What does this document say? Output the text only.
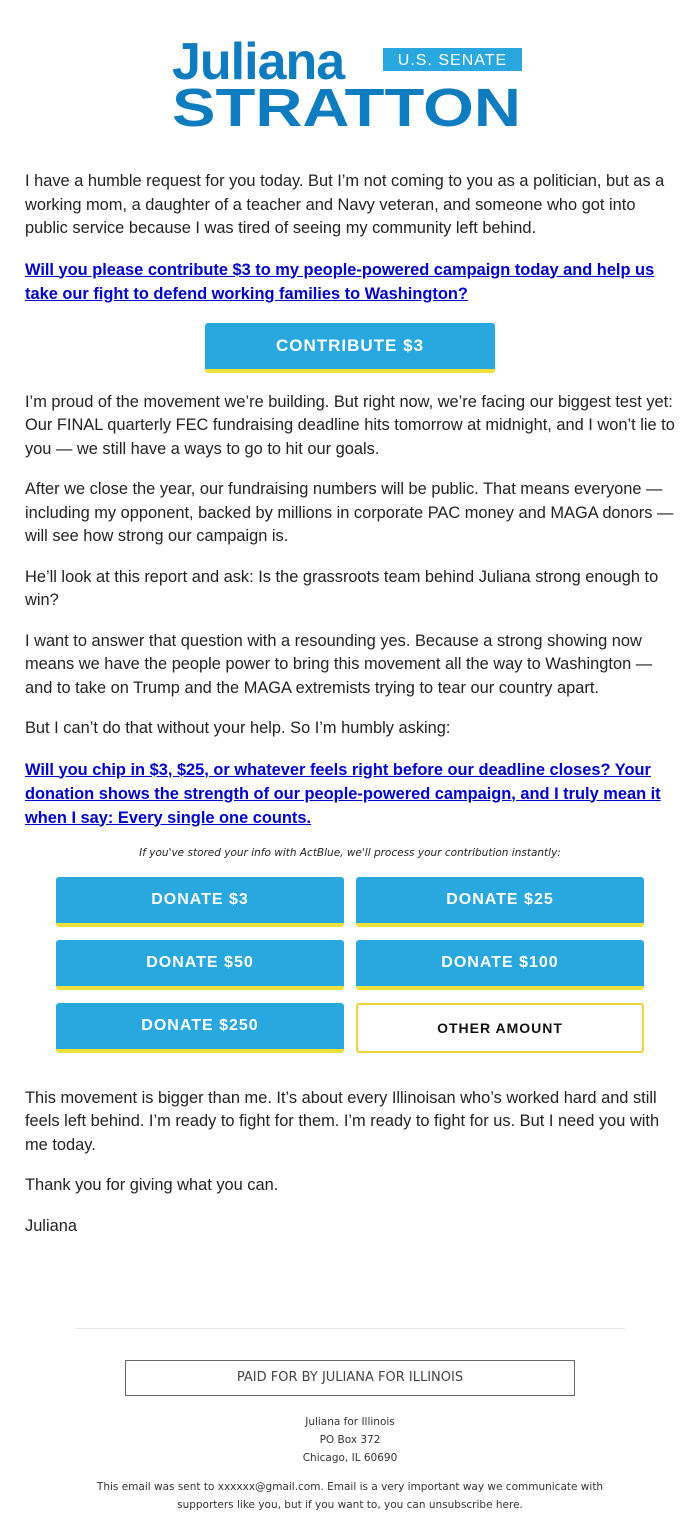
Juliana	U.S. SENATE
STRATTON

I have a humble request for you today. But I’m not coming to you as a politician, but as a working mom, a daughter of a teacher and Navy veteran, and someone who got into public service because I was tired of seeing my community left behind.

Will you please contribute $3 to my people-powered campaign today and help us take our fight to defend working families to Washington?

CONTRIBUTE $3

I’m proud of the movement we’re building. But right now, we’re facing our biggest test yet: Our FINAL quarterly FEC fundraising deadline hits tomorrow at midnight, and I won’t lie to you — we still have a ways to go to hit our goals.

After we close the year, our fundraising numbers will be public. That means everyone — including my opponent, backed by millions in corporate PAC money and MAGA donors — will see how strong our campaign is.

He’ll look at this report and ask: Is the grassroots team behind Juliana strong enough to win?

I want to answer that question with a resounding yes. Because a strong showing now means we have the people power to bring this movement all the way to Washington — and to take on Trump and the MAGA extremists trying to tear our country apart.

But I can’t do that without your help. So I’m humbly asking:

Will you chip in $3, $25, or whatever feels right before our deadline closes? Your donation shows the strength of our people-powered campaign, and I truly mean it when I say: Every single one counts.

If you've stored your info with ActBlue, we'll process your contribution instantly:

DONATE $3	DONATE $25
DONATE $50	DONATE $100
DONATE $250	OTHER AMOUNT

This movement is bigger than me. It’s about every Illinoisan who’s worked hard and still feels left behind. I’m ready to fight for them. I’m ready to fight for us. But I need you with me today.

Thank you for giving what you can.

Juliana

PAID FOR BY JULIANA FOR ILLINOIS
Juliana for Illinois
PO Box 372
Chicago, IL 60690
This email was sent to xxxxxx@gmail.com. Email is a very important way we communicate with supporters like you, but if you want to, you can unsubscribe here.
